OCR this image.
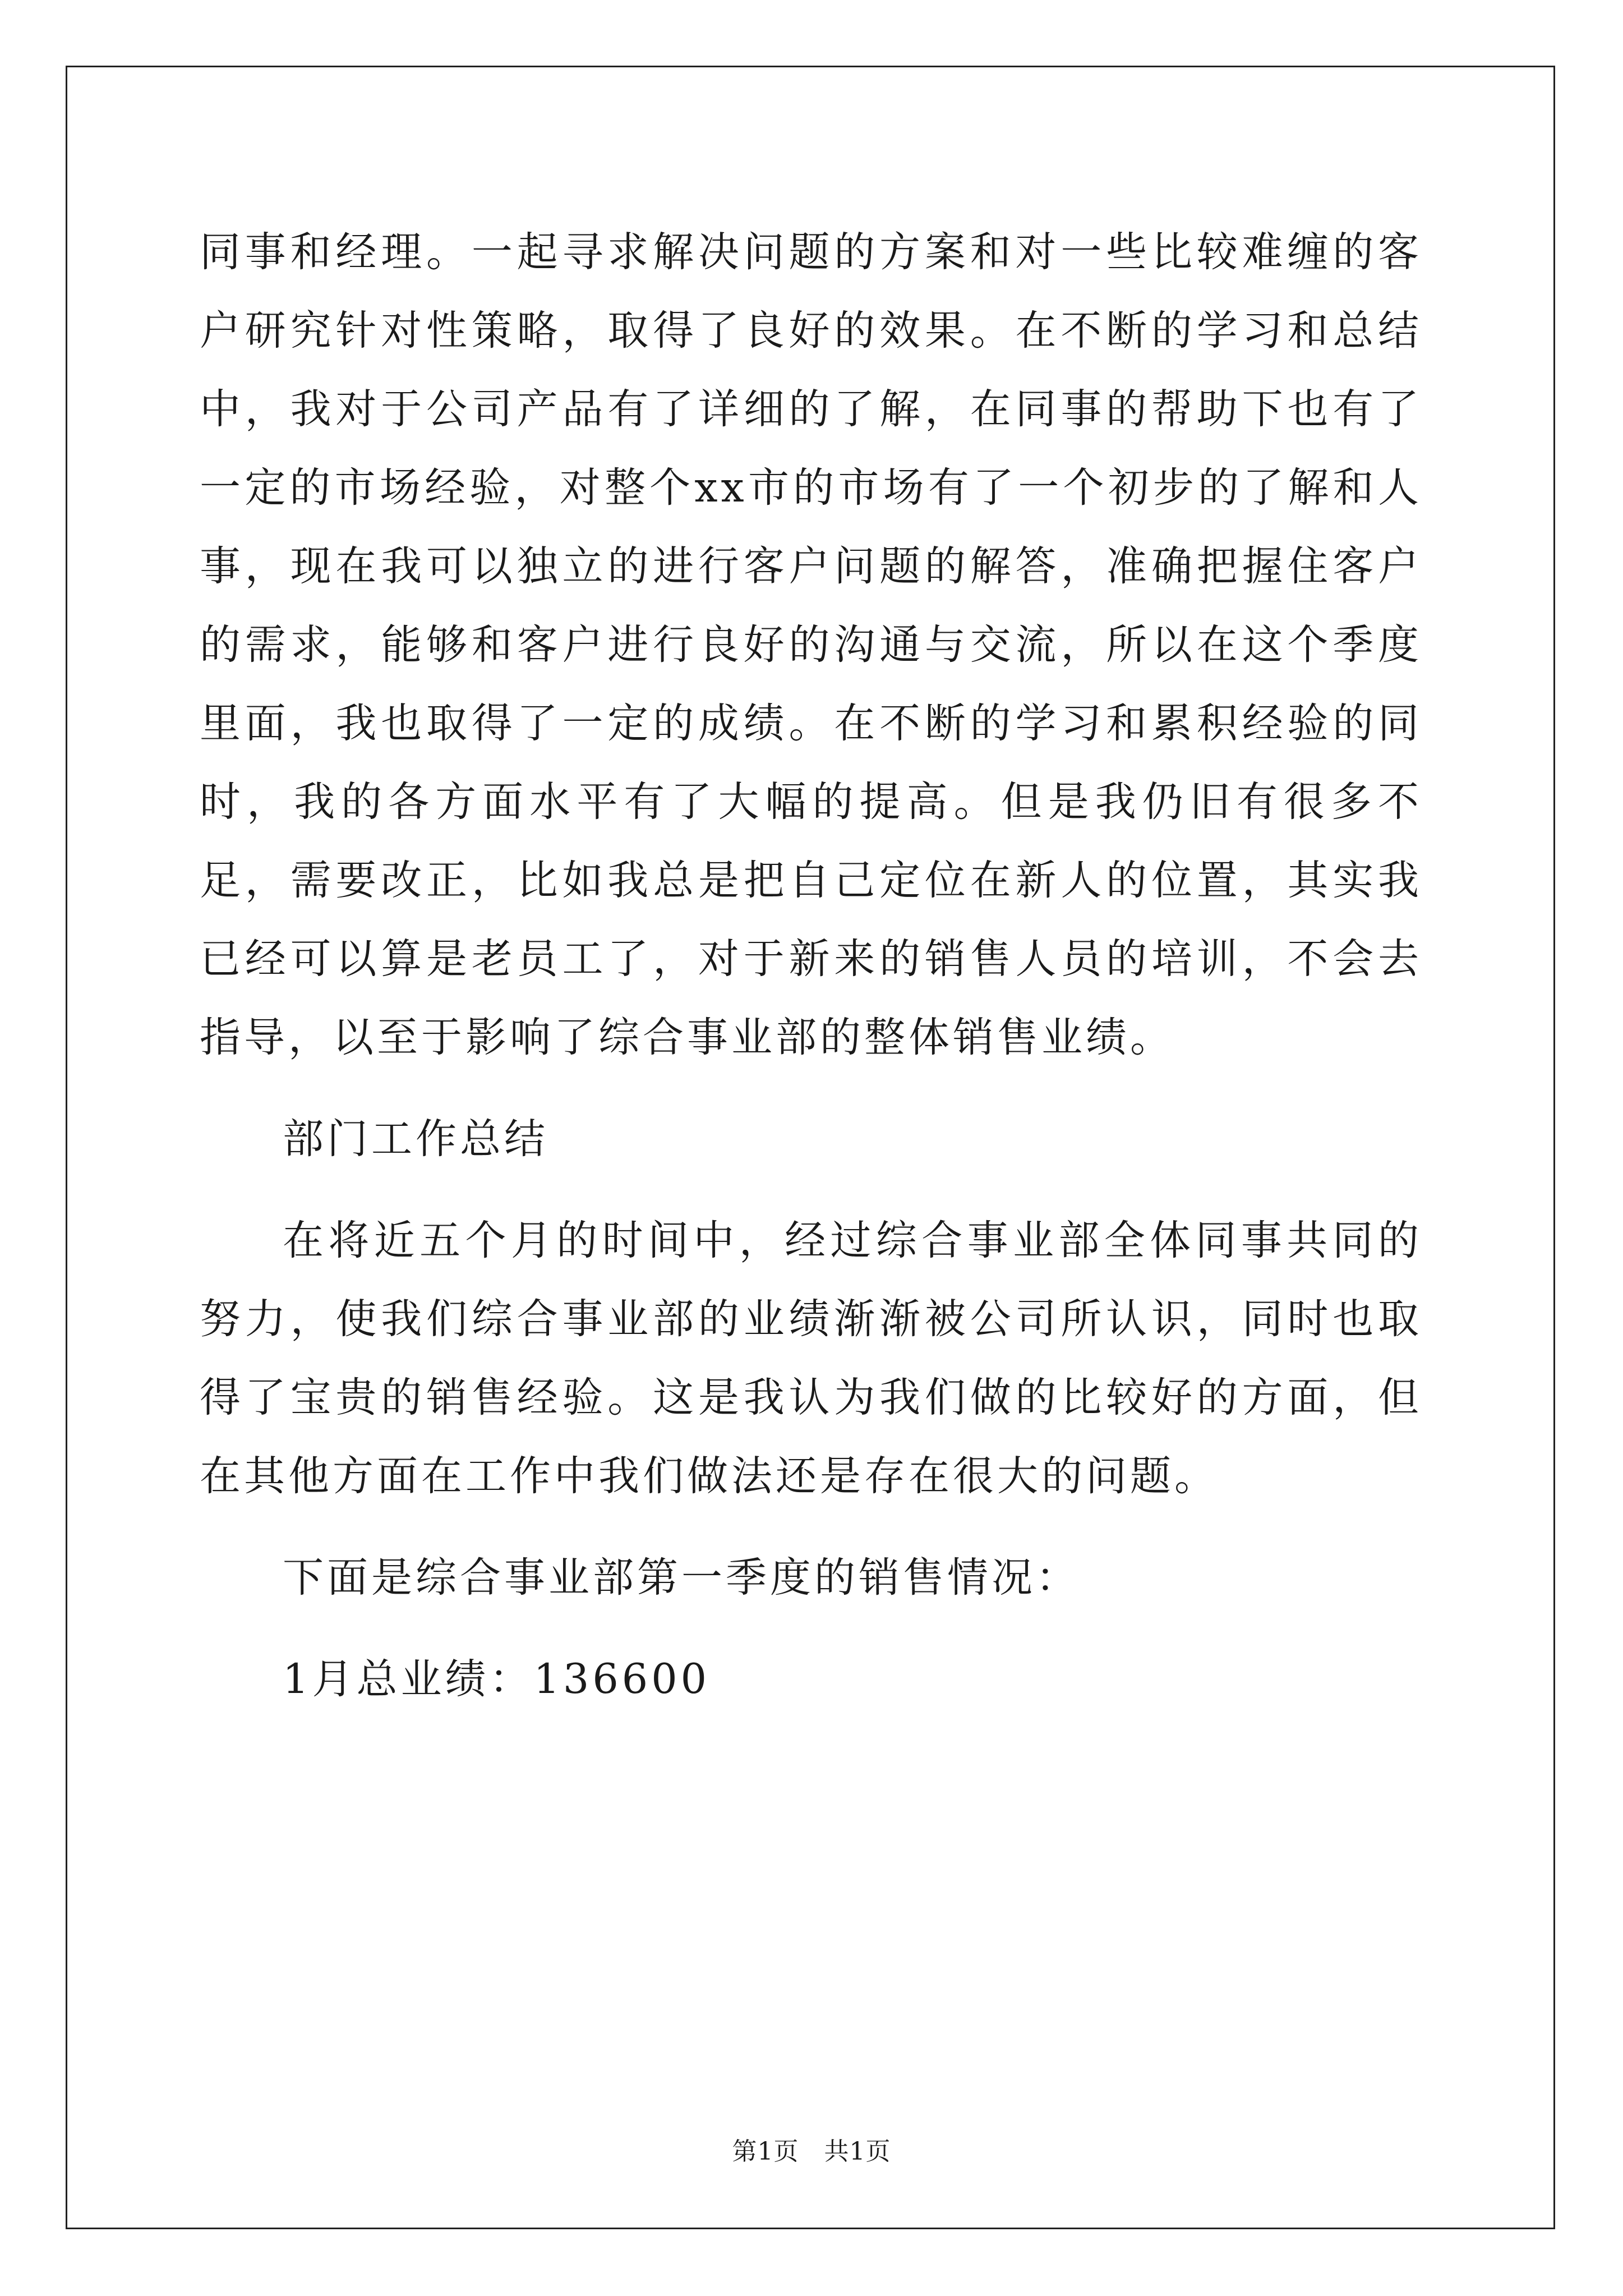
同事和经理。一起寻求解决问题的方案和对一些比较难缠的客户研究针对性策略，取得了良好的效果。在不断的学习和总结中，我对于公司产品有了详细的了解，在同事的帮助下也有了一定的市场经验，对整个xx市的市场有了一个初步的了解和人事，现在我可以独立的进行客户问题的解答，准确把握住客户的需求，能够和客户进行良好的沟通与交流，所以在这个季度里面，我也取得了一定的成绩。在不断的学习和累积经验的同时，我的各方面水平有了大幅的提高。但是我仍旧有很多不足，需要改正，比如我总是把自己定位在新人的位置，其实我已经可以算是老员工了，对于新来的销售人员的培训，不会去指导，以至于影响了综合事业部的整体销售业绩。

部门工作总结

在将近五个月的时间中，经过综合事业部全体同事共同的努力，使我们综合事业部的业绩渐渐被公司所认识，同时也取得了宝贵的销售经验。这是我认为我们做的比较好的方面，但在其他方面在工作中我们做法还是存在很大的问题。

下面是综合事业部第一季度的销售情况：

1月总业绩：136600

第1页　共1页
